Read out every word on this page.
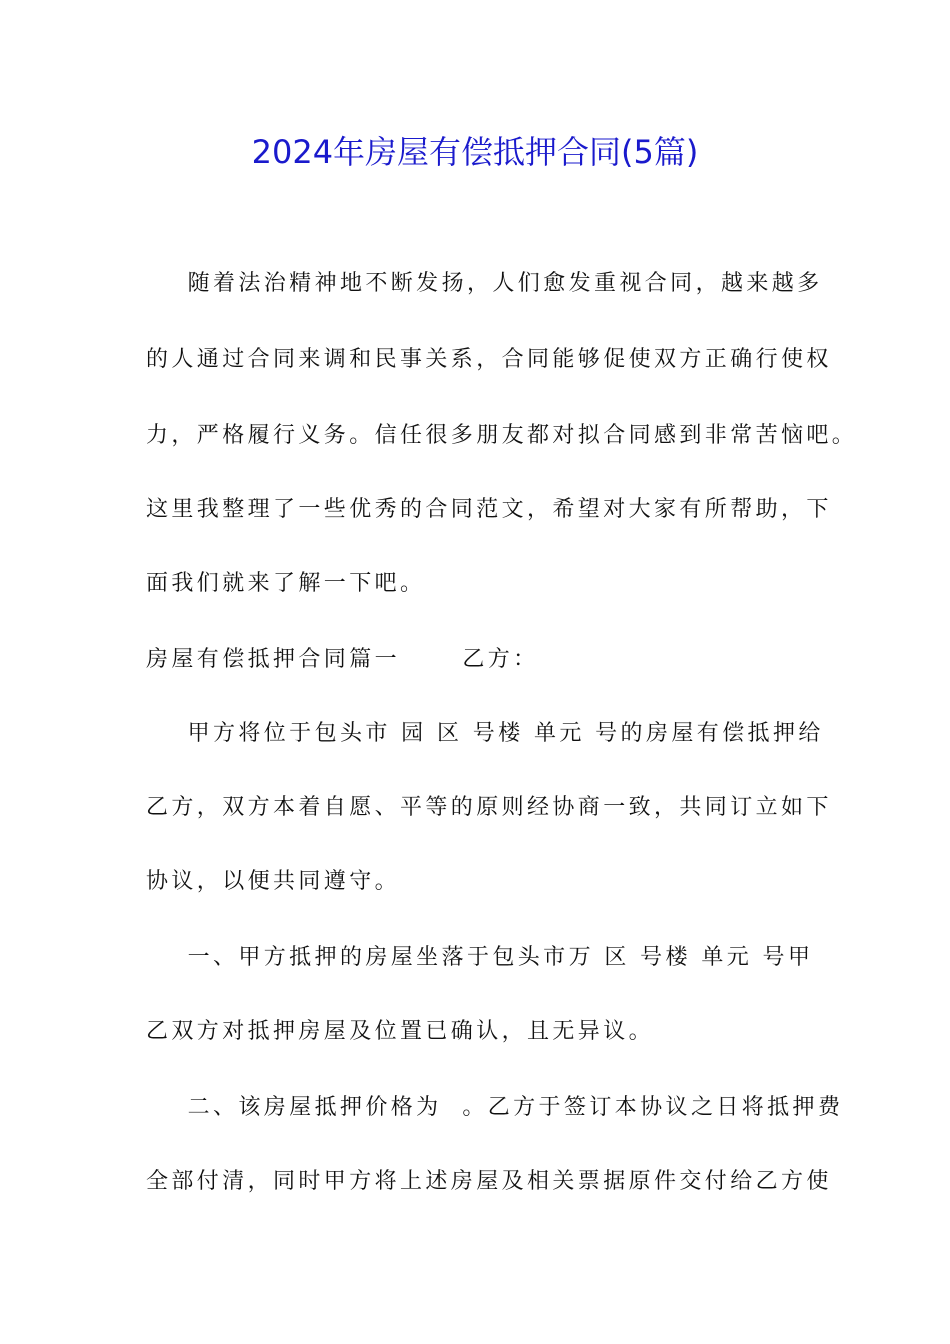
2024年房屋有偿抵押合同(5篇)
随着法治精神地不断发扬，人们愈发重视合同，越来越多
的人通过合同来调和民事关系，合同能够促使双方正确行使权
力，严格履行义务。信任很多朋友都对拟合同感到非常苦恼吧。
这里我整理了一些优秀的合同范文，希望对大家有所帮助，下
面我们就来了解一下吧。
房屋有偿抵押合同篇一      乙方：
甲方将位于包头市 园 区 号楼 单元 号的房屋有偿抵押给
乙方，双方本着自愿、平等的原则经协商一致，共同订立如下
协议，以便共同遵守。
一、甲方抵押的房屋坐落于包头市万 区 号楼 单元 号甲
乙双方对抵押房屋及位置已确认，且无异议。
二、该房屋抵押价格为  。乙方于签订本协议之日将抵押费
全部付清，同时甲方将上述房屋及相关票据原件交付给乙方使
